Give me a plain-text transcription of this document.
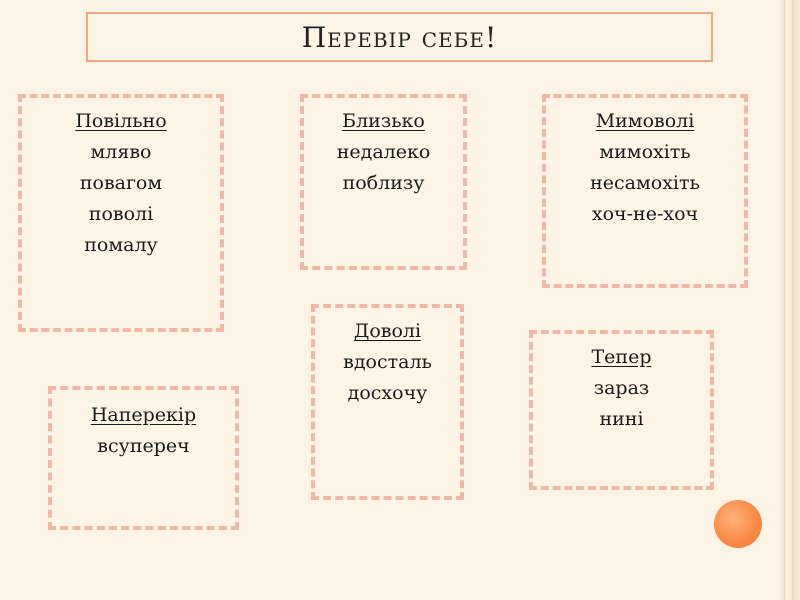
Перевір себе!
Повільно
мляво
повагом
поволі
помалу
Близько
недалеко
поблизу
Мимоволі
мимохіть
несамохіть
хоч-не-хоч
Доволі
вдосталь
досхочу
Тепер
зараз
нині
Наперекір
всупереч
